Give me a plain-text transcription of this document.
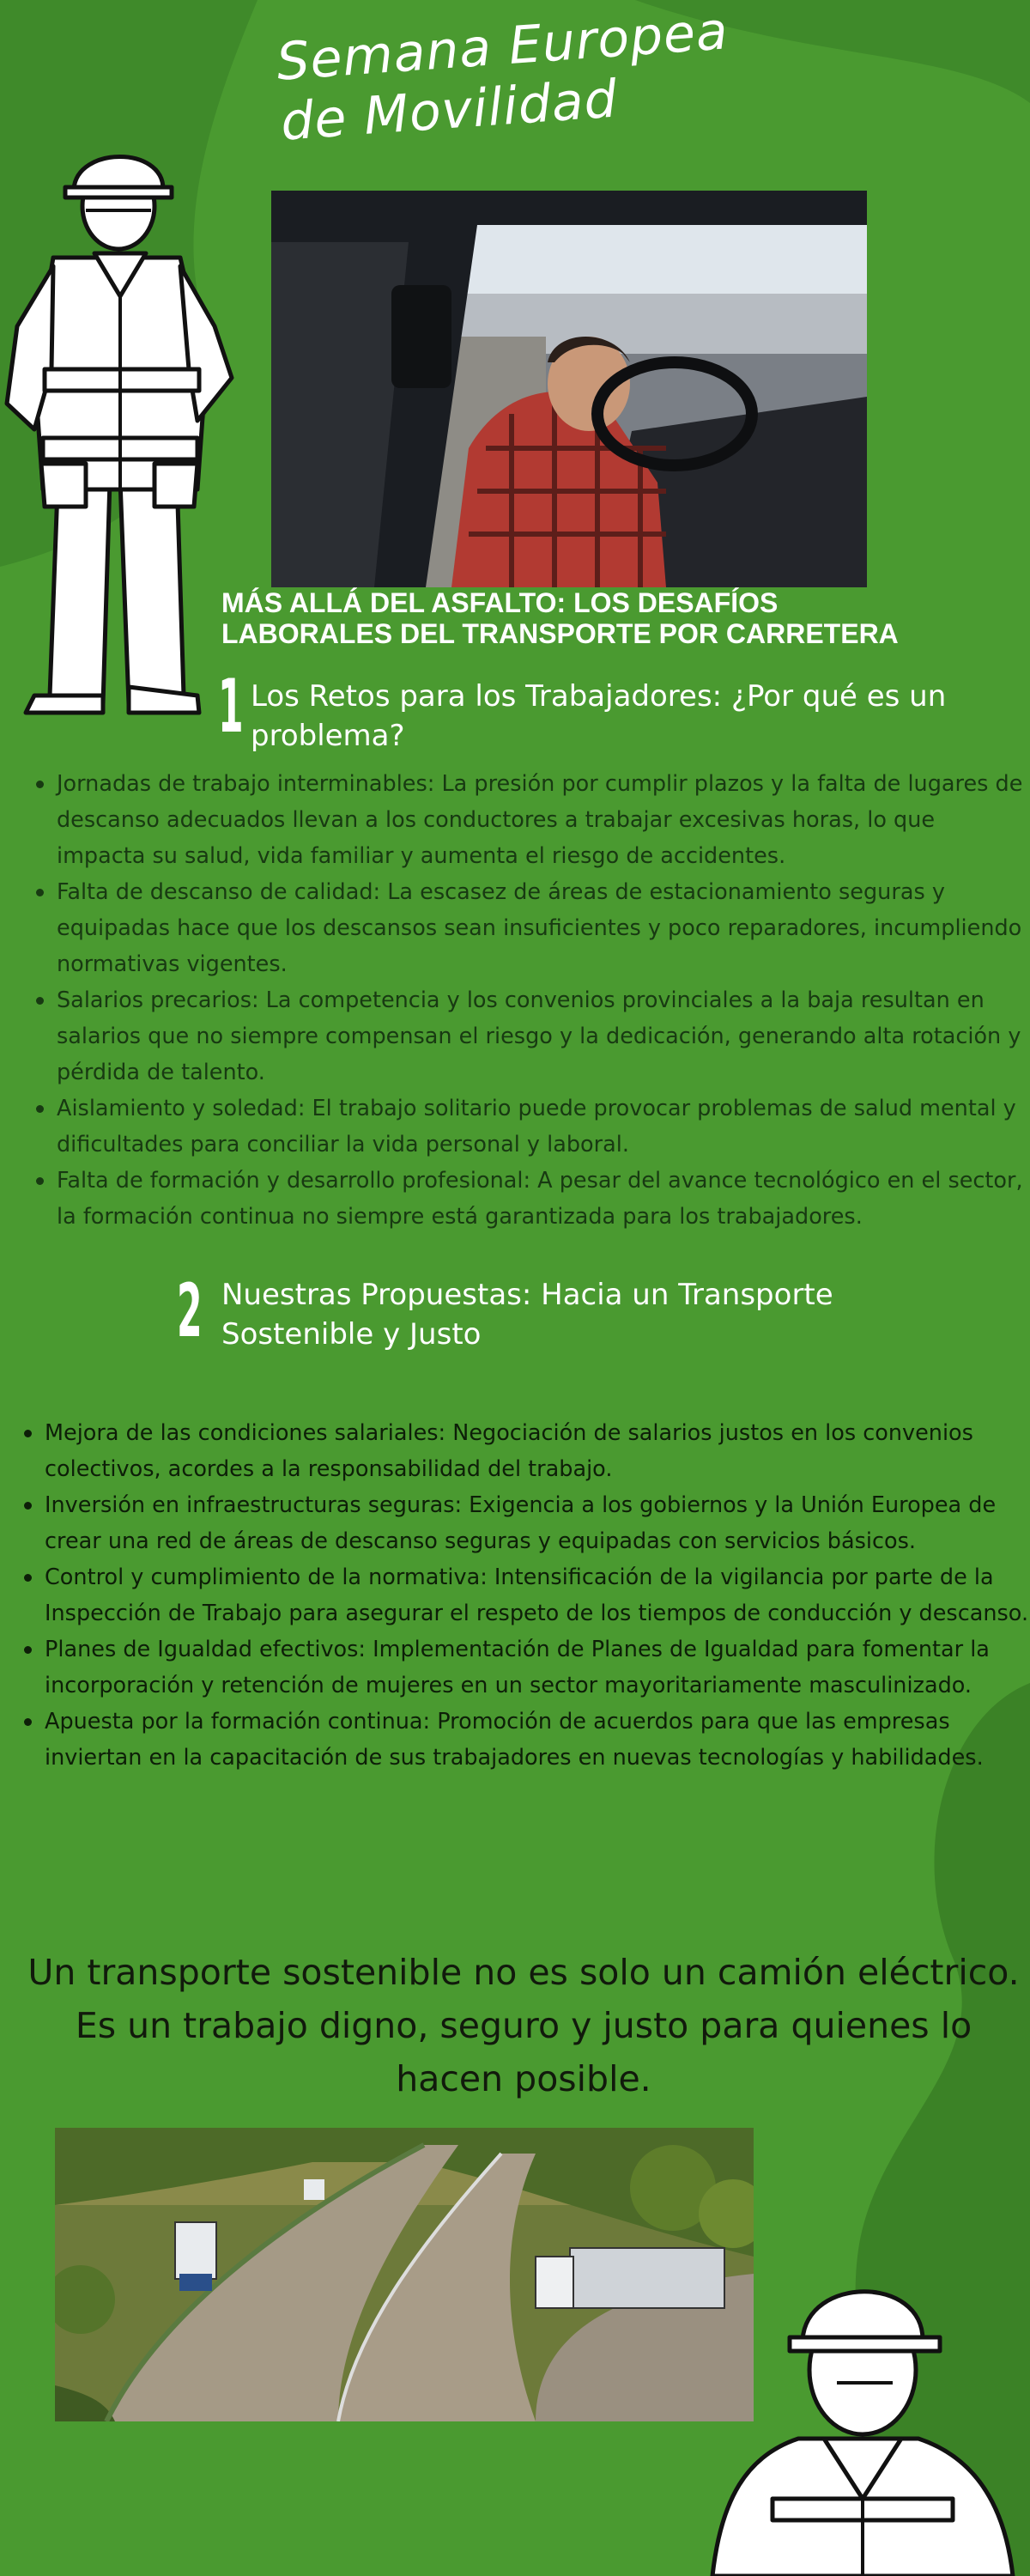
Semana Europea
de Movilidad
MÁS ALLÁ DEL ASFALTO: LOS DESAFÍOS
LABORALES DEL TRANSPORTE POR CARRETERA
1 Los Retos para los Trabajadores: ¿Por qué es un problema?
Jornadas de trabajo interminables: La presión por cumplir plazos y la falta de lugares de descanso adecuados llevan a los conductores a trabajar excesivas horas, lo que impacta su salud, vida familiar y aumenta el riesgo de accidentes.
Falta de descanso de calidad: La escasez de áreas de estacionamiento seguras y equipadas hace que los descansos sean insuficientes y poco reparadores, incumpliendo normativas vigentes.
Salarios precarios: La competencia y los convenios provinciales a la baja resultan en salarios que no siempre compensan el riesgo y la dedicación, generando alta rotación y pérdida de talento.
Aislamiento y soledad: El trabajo solitario puede provocar problemas de salud mental y dificultades para conciliar la vida personal y laboral.
Falta de formación y desarrollo profesional: A pesar del avance tecnológico en el sector, la formación continua no siempre está garantizada para los trabajadores.
2 Nuestras Propuestas: Hacia un Transporte Sostenible y Justo
Mejora de las condiciones salariales: Negociación de salarios justos en los convenios colectivos, acordes a la responsabilidad del trabajo.
Inversión en infraestructuras seguras: Exigencia a los gobiernos y la Unión Europea de crear una red de áreas de descanso seguras y equipadas con servicios básicos.
Control y cumplimiento de la normativa: Intensificación de la vigilancia por parte de la Inspección de Trabajo para asegurar el respeto de los tiempos de conducción y descanso.
Planes de Igualdad efectivos: Implementación de Planes de Igualdad para fomentar la incorporación y retención de mujeres en un sector mayoritariamente masculinizado.
Apuesta por la formación continua: Promoción de acuerdos para que las empresas inviertan en la capacitación de sus trabajadores en nuevas tecnologías y habilidades.
Un transporte sostenible no es solo un camión eléctrico. Es un trabajo digno, seguro y justo para quienes lo hacen posible.
